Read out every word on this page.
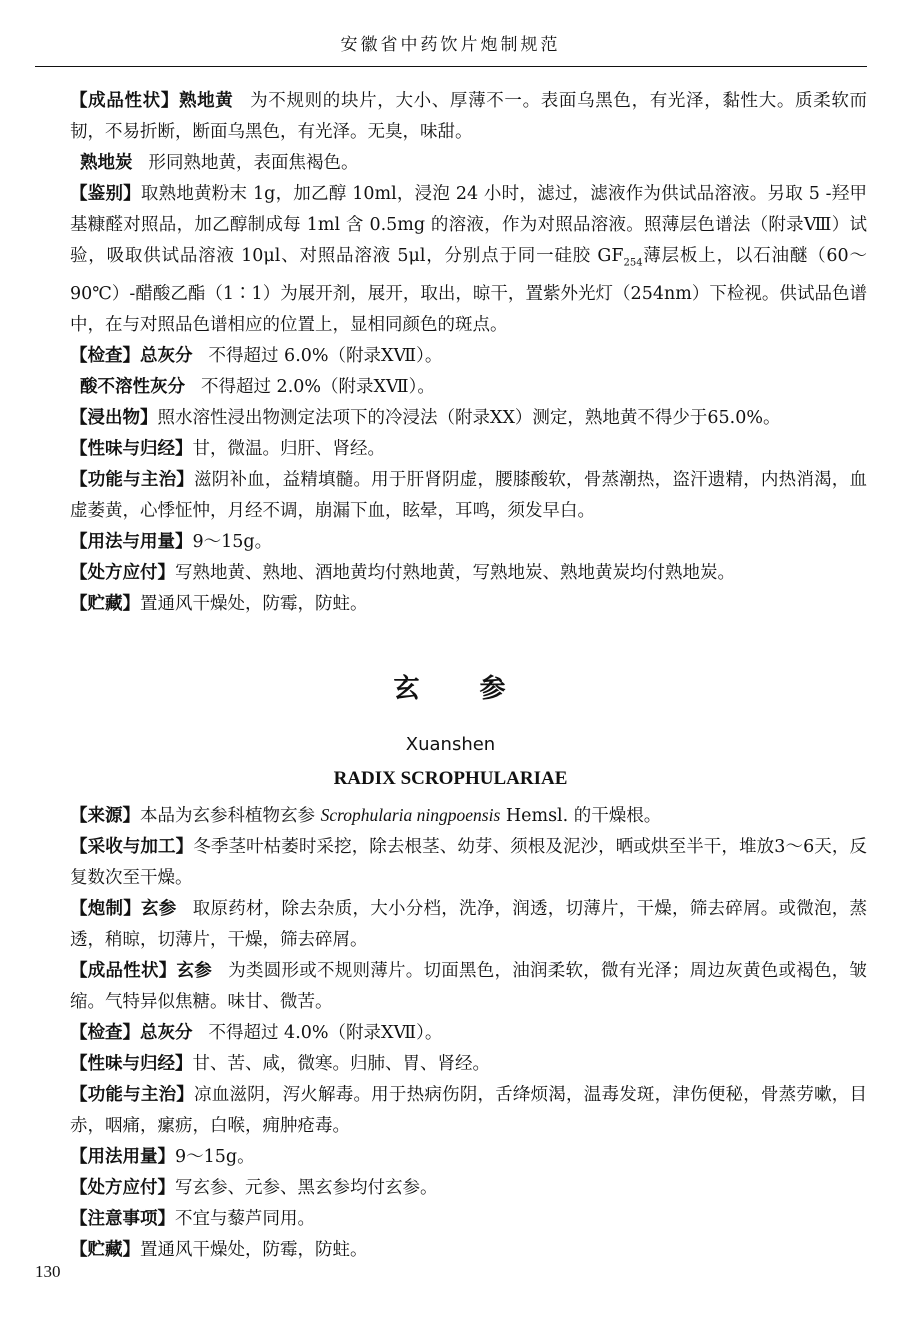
安徽省中药饮片炮制规范
【成品性状】熟地黄 为不规则的块片，大小、厚薄不一。表面乌黑色，有光泽，黏性大。质柔软而韧，不易折断，断面乌黑色，有光泽。无臭，味甜。
熟地炭 形同熟地黄，表面焦褐色。
【鉴别】取熟地黄粉末 1g，加乙醇 10ml，浸泡 24 小时，滤过，滤液作为供试品溶液。另取 5 -羟甲基糠醛对照品，加乙醇制成每 1ml 含 0.5mg 的溶液，作为对照品溶液。照薄层色谱法（附录Ⅷ）试验，吸取供试品溶液 10μl、对照品溶液 5μl，分别点于同一硅胶 $GF_{254}$薄层板上，以石油醚（60～90℃）-醋酸乙酯（1∶1）为展开剂，展开，取出，晾干，置紫外光灯（254nm）下检视。供试品色谱中，在与对照品色谱相应的位置上，显相同颜色的斑点。
【检查】总灰分 不得超过 6.0%（附录ⅩⅦ）。
酸不溶性灰分 不得超过 2.0%（附录ⅩⅦ）。
【浸出物】照水溶性浸出物测定法项下的冷浸法（附录ⅩⅩ）测定，熟地黄不得少于65.0%。
【性味与归经】甘，微温。归肝、肾经。
【功能与主治】滋阴补血，益精填髓。用于肝肾阴虚，腰膝酸软，骨蒸潮热，盗汗遗精，内热消渴，血虚萎黄，心悸怔忡，月经不调，崩漏下血，眩晕，耳鸣，须发早白。
【用法与用量】9～15g。
【处方应付】写熟地黄、熟地、酒地黄均付熟地黄，写熟地炭、熟地黄炭均付熟地炭。
【贮藏】置通风干燥处，防霉，防蛀。
玄 参
Xuanshen
RADIX SCROPHULARIAE
【来源】本品为玄参科植物玄参 Scrophularia ningpoensis Hemsl. 的干燥根。
【采收与加工】冬季茎叶枯萎时采挖，除去根茎、幼芽、须根及泥沙，晒或烘至半干，堆放3～6天，反复数次至干燥。
【炮制】玄参 取原药材，除去杂质，大小分档，洗净，润透，切薄片，干燥，筛去碎屑。或微泡，蒸透，稍晾，切薄片，干燥，筛去碎屑。
【成品性状】玄参 为类圆形或不规则薄片。切面黑色，油润柔软，微有光泽；周边灰黄色或褐色，皱缩。气特异似焦糖。味甘、微苦。
【检查】总灰分 不得超过 4.0%（附录ⅩⅦ）。
【性味与归经】甘、苦、咸，微寒。归肺、胃、肾经。
【功能与主治】凉血滋阴，泻火解毒。用于热病伤阴，舌绛烦渴，温毒发斑，津伤便秘，骨蒸劳嗽，目赤，咽痛，瘰疬，白喉，痈肿疮毒。
【用法用量】9～15g。
【处方应付】写玄参、元参、黑玄参均付玄参。
【注意事项】不宜与藜芦同用。
【贮藏】置通风干燥处，防霉，防蛀。
130
